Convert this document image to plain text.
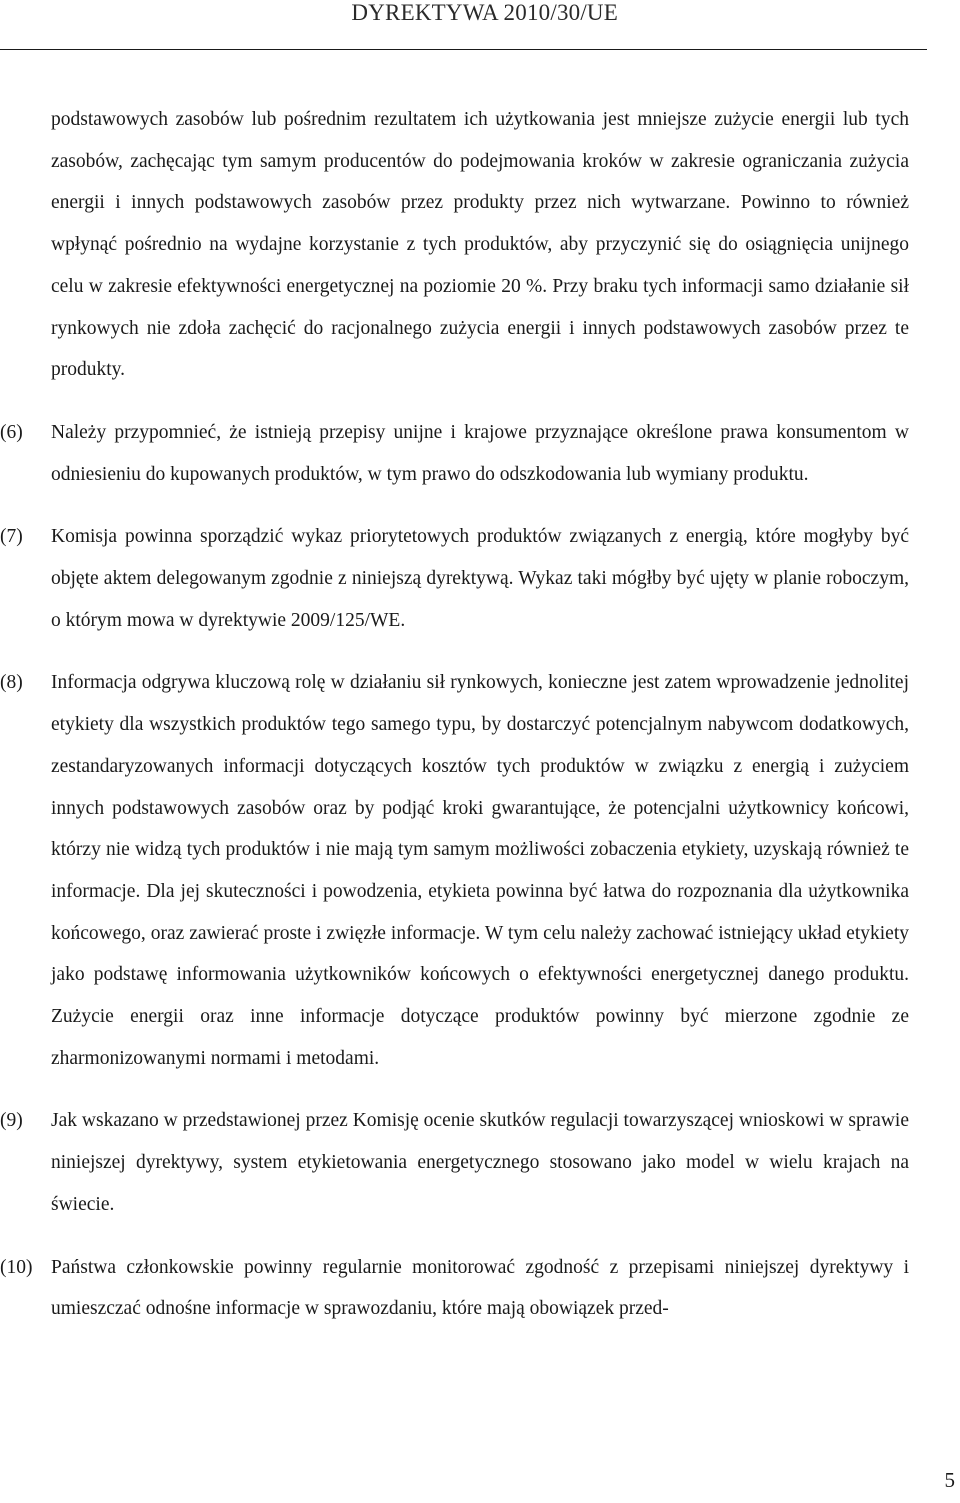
DYREKTYWA 2010/30/UE
podstawowych zasobów lub pośrednim rezultatem ich użytkowania jest mniejsze zużycie energii lub tych zasobów, zachęcając tym samym producentów do podejmowania kroków w zakresie ograniczania zużycia energii i innych podstawowych zasobów przez produkty przez nich wytwarzane. Powinno to również wpłynąć pośrednio na wydajne korzystanie z tych produktów, aby przyczynić się do osiągnięcia unijnego celu w zakresie efektywności energetycznej na poziomie 20 %. Przy braku tych informacji samo działanie sił rynkowych nie zdoła zachęcić do racjonalnego zużycia energii i innych podstawowych zasobów przez te produkty.
(6)	Należy przypomnieć, że istnieją przepisy unijne i krajowe przyznające określone prawa konsumentom w odniesieniu do kupowanych produktów, w tym prawo do odszkodowania lub wymiany produktu.
(7)	Komisja powinna sporządzić wykaz priorytetowych produktów związanych z energią, które mogłyby być objęte aktem delegowanym zgodnie z niniejszą dyrektywą. Wykaz taki mógłby być ujęty w planie roboczym, o którym mowa w dyrektywie 2009/125/WE.
(8)	Informacja odgrywa kluczową rolę w działaniu sił rynkowych, konieczne jest zatem wprowadzenie jednolitej etykiety dla wszystkich produktów tego samego typu, by dostarczyć potencjalnym nabywcom dodatkowych, zestandaryzowanych informacji dotyczących kosztów tych produktów w związku z energią i zużyciem innych podstawowych zasobów oraz by podjąć kroki gwarantujące, że potencjalni użytkownicy końcowi, którzy nie widzą tych produktów i nie mają tym samym możliwości zobaczenia etykiety, uzyskają również te informacje. Dla jej skuteczności i powodzenia, etykieta powinna być łatwa do rozpoznania dla użytkownika końcowego, oraz zawierać proste i zwięzłe informacje. W tym celu należy zachować istniejący układ etykiety jako podstawę informowania użytkowników końcowych o efektywności energetycznej danego produktu. Zużycie energii oraz inne informacje dotyczące produktów powinny być mierzone zgodnie ze zharmonizowanymi normami i metodami.
(9)	Jak wskazano w przedstawionej przez Komisję ocenie skutków regulacji towarzyszącej wnioskowi w sprawie niniejszej dyrektywy, system etykietowania energetycznego stosowano jako model w wielu krajach na świecie.
(10) Państwa członkowskie powinny regularnie monitorować zgodność z przepisami niniejszej dyrektywy i umieszczać odnośne informacje w sprawozdaniu, które mają obowiązek przed-
5
